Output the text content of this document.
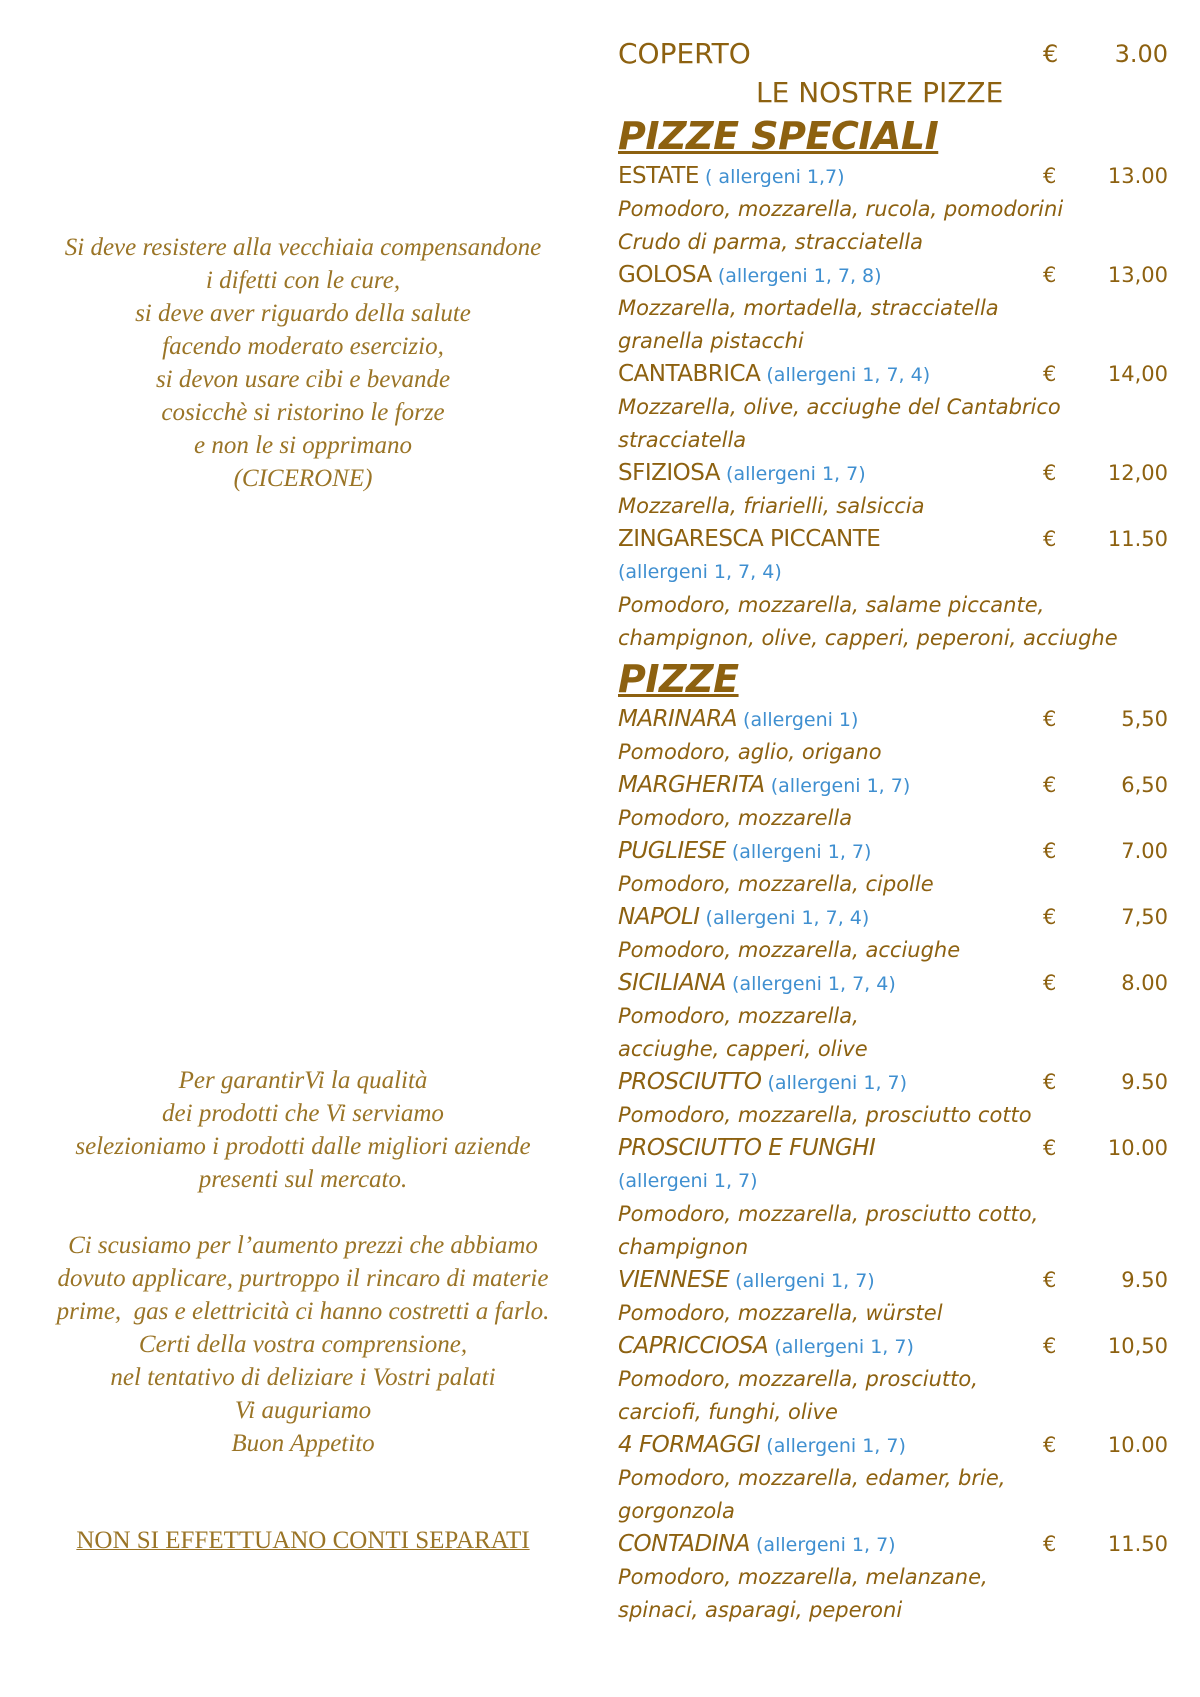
Si deve resistere alla vecchiaia compensandone
i difetti con le cure,
si deve aver riguardo della salute
facendo moderato esercizio,
si devon usare cibi e bevande
cosicchè si ristorino le forze
e non le si opprimano
(CICERONE)
Per garantirVi la qualità
dei prodotti che Vi serviamo
selezioniamo i prodotti dalle migliori aziende
presenti sul mercato.
Ci scusiamo per l’aumento prezzi che abbiamo
dovuto applicare, purtroppo il rincaro di materie
prime,  gas e elettricità ci hanno costretti a farlo.
Certi della vostra comprensione,
nel tentativo di deliziare i Vostri palati
Vi auguriamo
Buon Appetito
NON SI EFFETTUANO CONTI SEPARATI
COPERTO	€ 3.00
LE NOSTRE PIZZE
PIZZE SPECIALI
ESTATE ( allergeni 1,7)	€ 13.00
Pomodoro, mozzarella, rucola, pomodorini
Crudo di parma, stracciatella
GOLOSA (allergeni 1, 7, 8)	€ 13,00
Mozzarella, mortadella, stracciatella
granella pistacchi
CANTABRICA (allergeni 1, 7, 4)	€ 14,00
Mozzarella, olive, acciughe del Cantabrico
stracciatella
SFIZIOSA (allergeni 1, 7)	€ 12,00
Mozzarella, friarielli, salsiccia
ZINGARESCA PICCANTE	€ 11.50
(allergeni 1, 7, 4)
Pomodoro, mozzarella, salame piccante,
champignon, olive, capperi, peperoni, acciughe
PIZZE
MARINARA (allergeni 1)	€	5,50
Pomodoro, aglio, origano
MARGHERITA (allergeni 1, 7)	€	6,50
Pomodoro, mozzarella
PUGLIESE (allergeni 1, 7)	€	7.00
Pomodoro, mozzarella, cipolle
NAPOLI (allergeni 1, 7, 4)	€	7,50
Pomodoro, mozzarella, acciughe
SICILIANA (allergeni 1, 7, 4)	€	8.00
Pomodoro, mozzarella,
acciughe, capperi, olive
PROSCIUTTO (allergeni 1, 7)	€	9.50
Pomodoro, mozzarella, prosciutto cotto
PROSCIUTTO E FUNGHI	€ 10.00
(allergeni 1, 7)
Pomodoro, mozzarella, prosciutto cotto,
champignon
VIENNESE (allergeni 1, 7)	€	9.50
Pomodoro, mozzarella, würstel
CAPRICCIOSA (allergeni 1, 7)	€ 10,50
Pomodoro, mozzarella, prosciutto,
carciofi, funghi, olive
4 FORMAGGI (allergeni 1, 7)	€ 10.00
Pomodoro, mozzarella, edamer, brie,
gorgonzola
CONTADINA (allergeni 1, 7)	€ 11.50
Pomodoro, mozzarella, melanzane,
spinaci, asparagi, peperoni
